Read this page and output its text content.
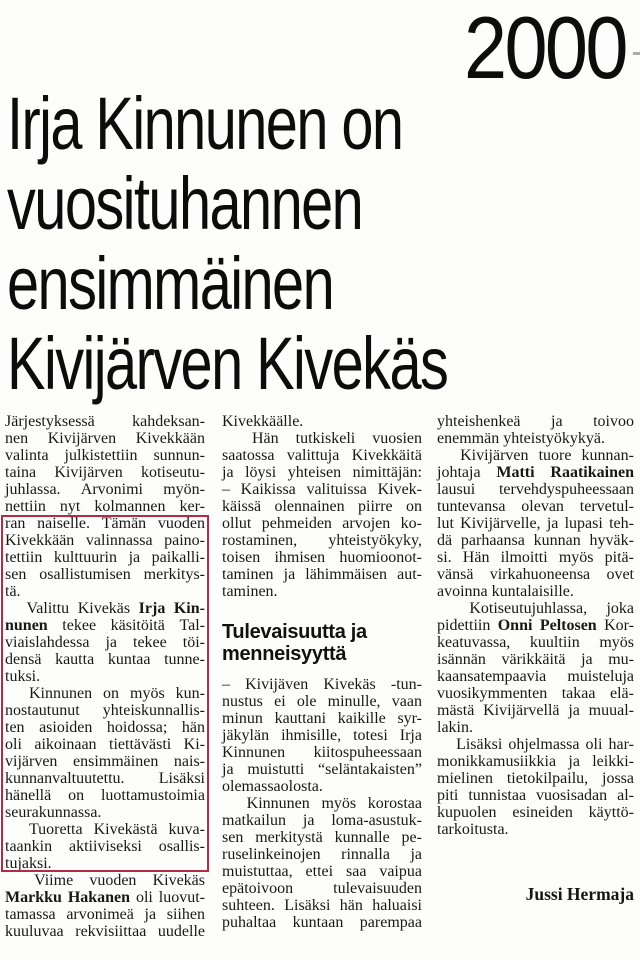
2000
Irja Kinnunen on
vuosituhannen
ensimmäinen
Kivijärven Kivekäs
Järjestyksessä kahdeksan-
nen Kivijärven Kivekkään
valinta julkistettiin sunnun-
taina Kivijärven kotiseutu-
juhlassa. Arvonimi myön-
nettiin nyt kolmannen ker-
ran naiselle. Tämän vuoden
Kivekkään valinnassa paino-
tettiin kulttuurin ja paikalli-
sen osallistumisen merkitys-
tä.
Valittu Kivekäs Irja Kin-
nunen tekee käsitöitä Tal-
viaislahdessa ja tekee töi-
densä kautta kuntaa tunne-
tuksi.
Kinnunen on myös kun-
nostautunut yhteiskunnallis-
ten asioiden hoidossa; hän
oli aikoinaan tiettävästi Ki-
vijärven ensimmäinen nais-
kunnanvaltuutettu. Lisäksi
hänellä on luottamustoimia
seurakunnassa.
Tuoretta Kivekästä kuva-
taankin aktiiviseksi osallis-
tujaksi.
Viime vuoden Kivekäs
Markku Hakanen oli luovut-
tamassa arvonimeä ja siihen
kuuluvaa rekvisiittaa uudelle
Kivekkäälle.
Hän tutkiskeli vuosien
saatossa valittuja Kivekkäitä
ja löysi yhteisen nimittäjän:
– Kaikissa valituissa Kivek-
käissä olennainen piirre on
ollut pehmeiden arvojen ko-
rostaminen, yhteistyökyky,
toisen ihmisen huomioonot-
taminen ja lähimmäisen aut-
taminen.
Tulevaisuutta ja
menneisyyttä
– Kivijäven Kivekäs -tun-
nustus ei ole minulle, vaan
minun kauttani kaikille syr-
jäkylän ihmisille, totesi Irja
Kinnunen kiitospuheessaan
ja muistutti “seläntakaisten”
olemassaolosta.
Kinnunen myös korostaa
matkailun ja loma-asustuk-
sen merkitystä kunnalle pe-
ruselinkeinojen rinnalla ja
muistuttaa, ettei saa vaipua
epätoivoon	tulevaisuuden
suhteen. Lisäksi hän haluaisi
puhaltaa kuntaan parempaa
yhteishenkeä ja toivoo
enemmän yhteistyökykyä.
Kivijärven tuore kunnan-
johtaja Matti Raatikainen
lausui tervehdyspuheessaan
tuntevansa olevan tervetul-
lut Kivijärvelle, ja lupasi teh-
dä parhaansa kunnan hyväk-
si. Hän ilmoitti myös pitä-
vänsä virkahuoneensa ovet
avoinna kuntalaisille.
Kotiseutujuhlassa, joka
pidettiin Onni Peltosen Kor-
keatuvassa, kuultiin myös
isännän värikkäitä ja mu-
kaansatempaavia muisteluja
vuosikymmenten takaa elä-
mästä Kivijärvellä ja muual-
lakin.
Lisäksi ohjelmassa oli har-
monikkamusiikkia ja leikki-
mielinen tietokilpailu, jossa
piti tunnistaa vuosisadan al-
kupuolen esineiden käyttö-
tarkoitusta.
Jussi Hermaja
